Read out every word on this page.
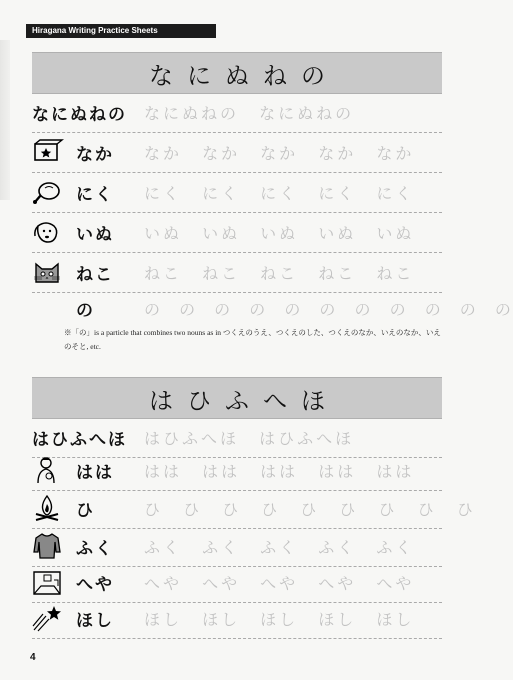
Hiragana Writing Practice Sheets
なにぬねの
なにぬねの なにぬねの なにぬねの
なか なか なか なか なか なか
にく にく にく にく にく にく
いぬ いぬ いぬ いぬ いぬ いぬ
ねこ ねこ ねこ ねこ ねこ ねこ
の	の の の の の の の の の の の
※「の」is a particle that combines two nouns as in つくえのうえ、つくえのした、つくえのなか、いえのなか、いえのそと, etc.
はひふへほ
はひふへほ はひふへほ はひふへほ
はは はは はは はは はは はは
ひ	ひ ひ ひ ひ ひ ひ ひ ひ ひ
ふく ふく ふく ふく ふく ふく
へや へや へや へや へや へや
ほし ほし ほし ほし ほし ほし
4
